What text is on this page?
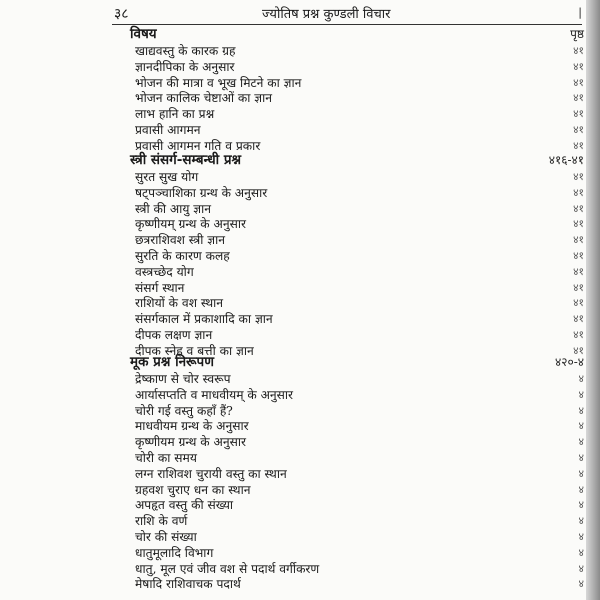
३८	ज्योतिष प्रश्न कुण्डली विचार	|
विषय	पृष्ठ
खाद्यवस्तु के कारक ग्रह	४१
ज्ञानदीपिका के अनुसार	४१
भोजन की मात्रा व भूख मिटने का ज्ञान	४१
भोजन कालिक चेष्टाओं का ज्ञान	४१
लाभ हानि का प्रश्न	४१
प्रवासी आगमन	४१
प्रवासी आगमन गति व प्रकार	४१
स्त्री संसर्ग-सम्बन्धी प्रश्न	४१६-४१
सुरत सुख योग	४१
षट्पञ्चाशिका ग्रन्थ के अनुसार	४१
स्त्री की आयु ज्ञान	४१
कृष्णीयम् ग्रन्थ के अनुसार	४१
छत्रराशिवश स्त्री ज्ञान	४१
सुरति के कारण कलह	४१
वस्त्रच्छेद योग	४१
संसर्ग स्थान	४१
राशियों के वश स्थान	४१
संसर्गकाल में प्रकाशादि का ज्ञान	४१
दीपक लक्षण ज्ञान	४१
दीपक स्नेह व बत्ती का ज्ञान	४१
मूक प्रश्न निरूपण	४२०-४
द्रेष्काण से चोर स्वरूप	४
आर्यासप्तति व माधवीयम् के अनुसार	४
चोरी गई वस्तु कहाँ हैं?	४
माधवीयम ग्रन्थ के अनुसार	४
कृष्णीयम ग्रन्थ के अनुसार	४
चोरी का समय	४
लग्न राशिवश चुरायी वस्तु का स्थान	४
ग्रहवश चुराए धन का स्थान	४
अपहृत वस्तु की संख्या	४
राशि के वर्ण	४
चोर की संख्या	४
धातुमूलादि विभाग	४
धातु, मूल एवं जीव वश से पदार्थ वर्गीकरण	४
मेषादि राशिवाचक पदार्थ	४
